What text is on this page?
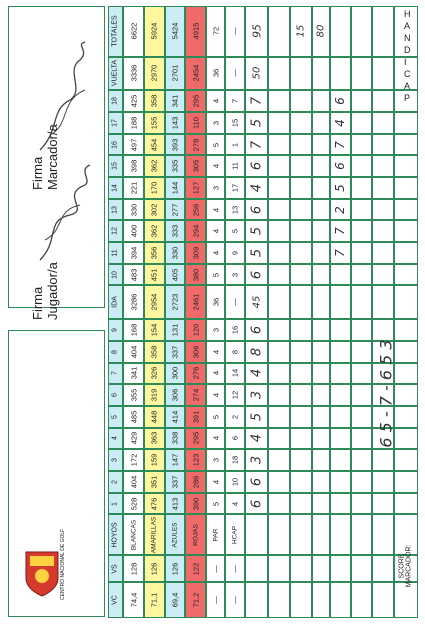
Firma
Marcador/a
Firma
Jugador/a
CENTRO NACIONAL DE GOLF	VC
VS
HOYOS
1
2
3
4
5
6
7
8
9
IDA
10
11
12
13
14
15
16
17
18
VUELTA
TOTALES
74,4
128
BLANCAS
528
404
172
429
485
355
341
404
168
3286
483
394
400
330
221
398
497
188
425
3336
6622
71,1
126
AMARILLAS
476
351
159
363
448
319
326
358
154
2954
451
356
362
302
170
362
454
155
358
2970
5924
69,4
126
AZULES
413
337
147
338
414
306
300
337
131
2723
405
330
333
277
144
335
393
143
341
2701
5424
71,2
122
ROJAS
390
286
123
295
391
274
276
306
120
2461
380
309
294
256
127
305
278
110
295
2454
4915
—
—
PAR
5
4
3
4
5
4
4
4
3
36
5
4
4
4
3
4
5
3
4
36
72
—
—
HCAP
4
10
18
6
2
12
14
8
16
—
3
9
5
13
17
11
1
15
7
—
—
6
6
3
4
5
3
4
8
6
45
6
5
5
6
4
6
7
5
7
50
95	15 80
7
7
2
5
6
7
4
6
SCORE
MARCADOR:
6 5 - 7 - 6 5 3
H
A
N
D
I
C
A
P
